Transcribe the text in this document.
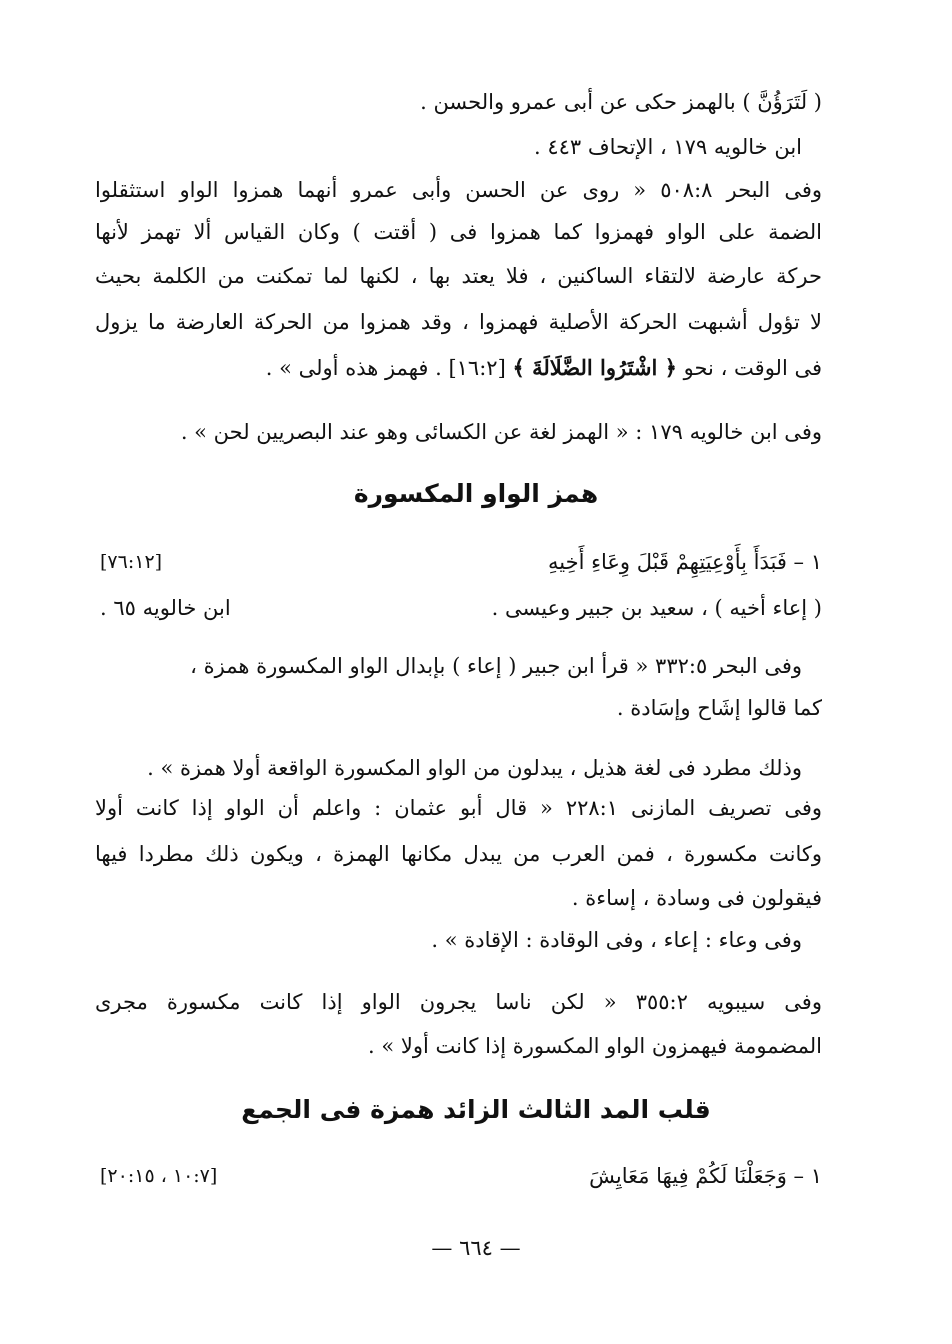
( لَتَرَؤُنَّ ) بالهمز حكى عن أبى عمرو والحسن .
ابن خالويه ١٧٩ ، الإتحاف ٤٤٣ .
وفى البحر ٥٠٨:٨ « روى عن الحسن وأبى عمرو أنهما همزوا الواو استثقلوا
الضمة على الواو فهمزوا كما همزوا فى ( أقتت ) وكان القياس ألا تهمز لأنها
حركة عارضة لالتقاء الساكنين ، فلا يعتد بها ، لكنها لما تمكنت من الكلمة بحيث
لا تؤول أشبهت الحركة الأصلية فهمزوا ، وقد همزوا من الحركة العارضة ما يزول
فى الوقت ، نحو ﴿ اشْتَرُوا الضَّلَالَةَ ﴾ [١٦:٢] . فهمز هذه أولى » .
وفى ابن خالويه ١٧٩ : « الهمز لغة عن الكسائى وهو عند البصريين لحن » .
همز الواو المكسورة
١ – فَبَدَأَ بِأَوْعِيَتِهِمْ قَبْلَ وِعَاءِ أَخِيهِ
[٧٦:١٢]
( إعاء أخيه ) ، سعيد بن جبير وعيسى .
ابن خالويه ٦٥ .
وفى البحر ٣٣٢:٥ « قرأ ابن جبير ( إعاء ) بإبدال الواو المكسورة همزة ،
كما قالوا إشَاح وإسَادة .
وذلك مطرد فى لغة هذيل ، يبدلون من الواو المكسورة الواقعة أولا همزة » .
وفى تصريف المازنى ٢٢٨:١ « قال أبو عثمان : واعلم أن الواو إذا كانت أولا
وكانت مكسورة ، فمن العرب من يبدل مكانها الهمزة ، ويكون ذلك مطردا فيها
فيقولون فى وسادة ، إساءة .
وفى وعاء : إعاء ، وفى الوقادة : الإقادة » .
وفى سيبويه ٣٥٥:٢ « لكن ناسا يجرون الواو إذا كانت مكسورة مجرى
المضمومة فيهمزون الواو المكسورة إذا كانت أولا » .
قلب المد الثالث الزائد همزة فى الجمع
١ – وَجَعَلْنَا لَكُمْ فِيهَا مَعَايِشَ
[١٠:٧ ، ٢٠:١٥]
— ٦٦٤ —
